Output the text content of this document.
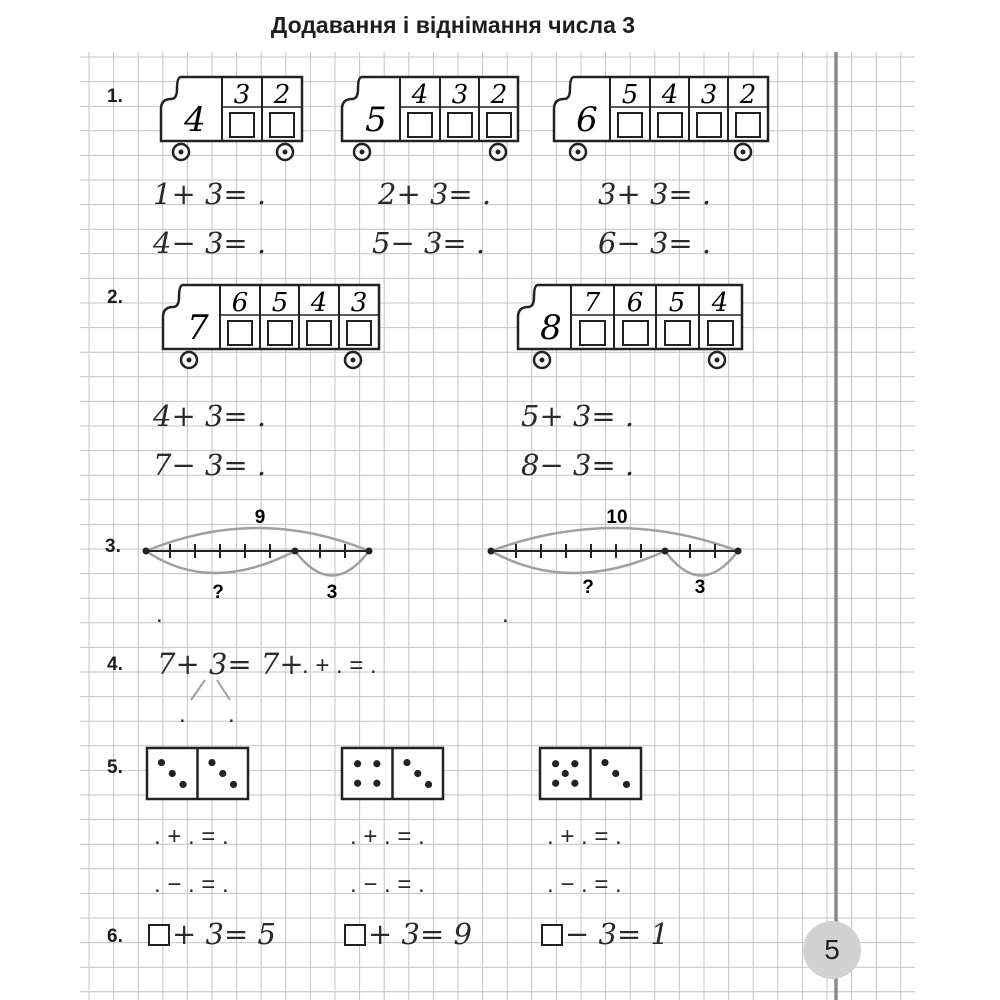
Додавання і віднімання числа 3
1.
2.
3.
4.
5.
6.
4
3 2
5
4 3 2
6
5 4 3 2
1+ 3= .	2+ 3= .	3+ 3= .
4− 3= .	5− 3= .	6− 3= .
7
6 5 4 3
8
7 6 5 4
4+ 3= .	5+ 3= .
7− 3= .	8− 3= .
9
?	3
10
?	3
.	.
7+ 3= 7+
. + . = .
. .
. + . = .	. + . = .	. + . = .
. − . = .	. − . = .	. − . = .
+ 3= 5	+ 3= 9	− 3= 1	5
